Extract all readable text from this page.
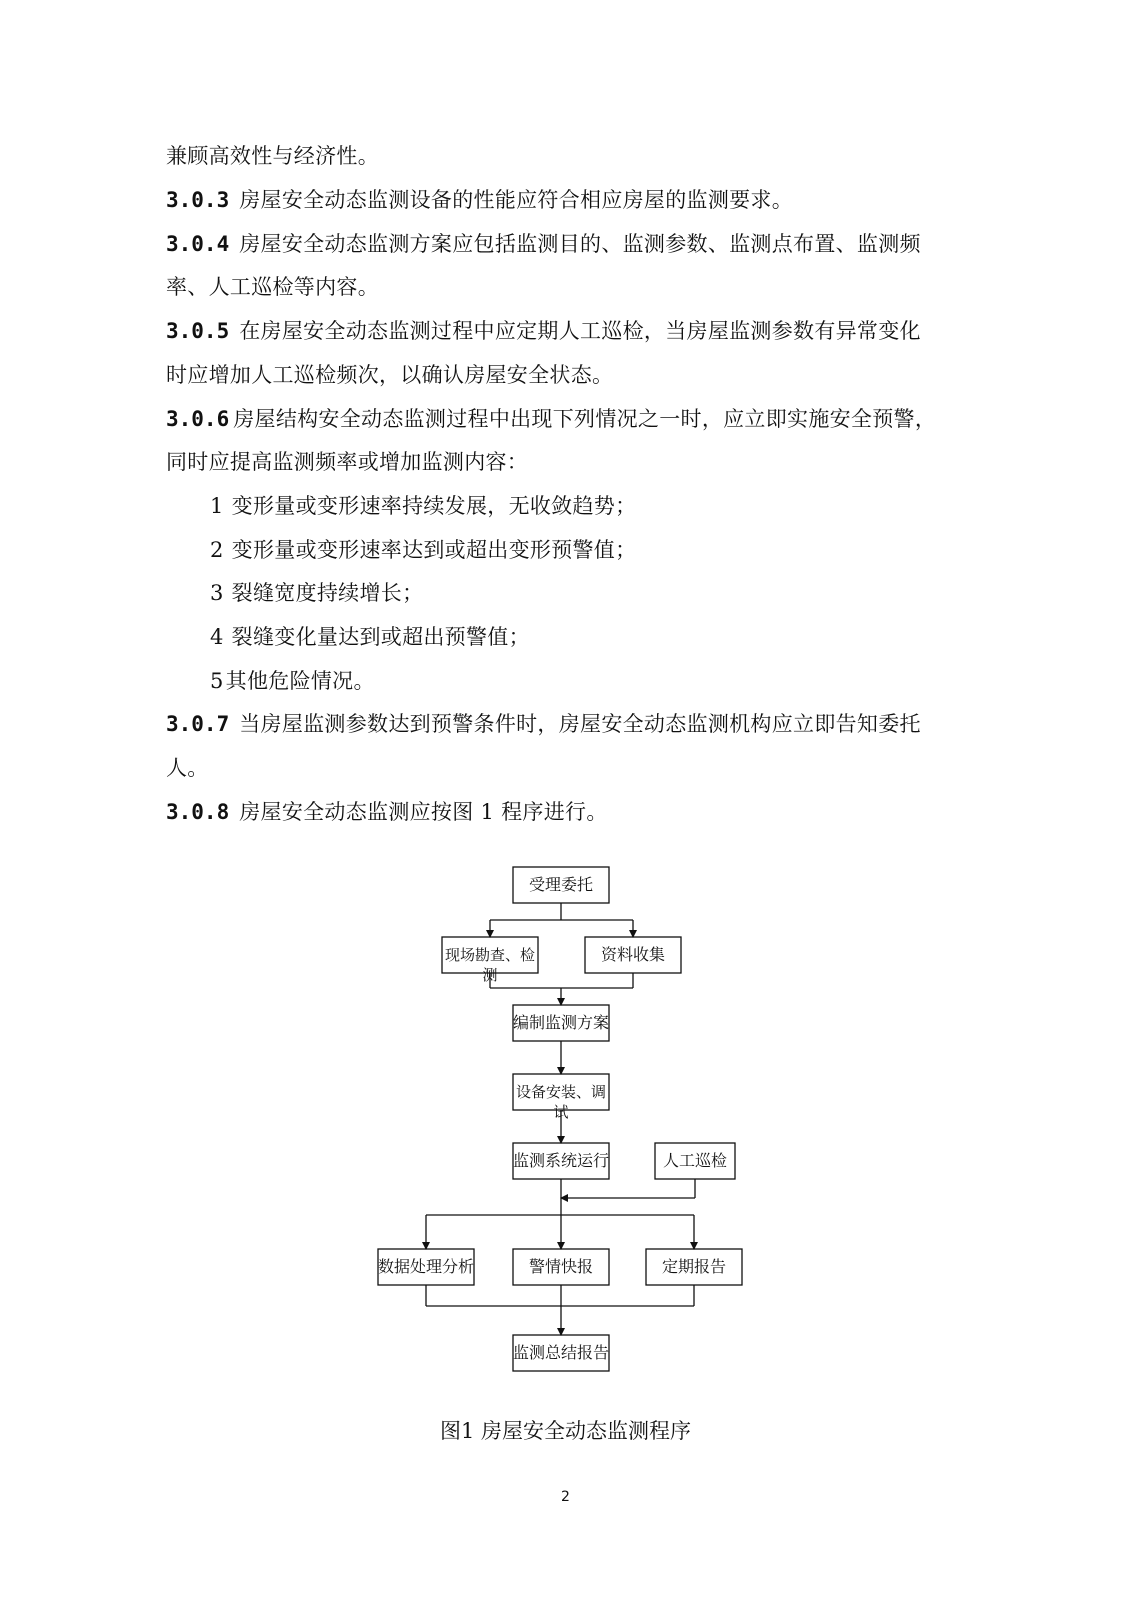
兼顾高效性与经济性。
3.0.3 房屋安全动态监测设备的性能应符合相应房屋的监测要求。
3.0.4 房屋安全动态监测方案应包括监测目的、监测参数、监测点布置、监测频
率、人工巡检等内容。
3.0.5 在房屋安全动态监测过程中应定期人工巡检，当房屋监测参数有异常变化
时应增加人工巡检频次，以确认房屋安全状态。
3.0.6 房屋结构安全动态监测过程中出现下列情况之一时，应立即实施安全预警，
同时应提高监测频率或增加监测内容：
1 变形量或变形速率持续发展，无收敛趋势；
2 变形量或变形速率达到或超出变形预警值；
3 裂缝宽度持续增长；
4 裂缝变化量达到或超出预警值；
5其他危险情况。
3.0.7 当房屋监测参数达到预警条件时，房屋安全动态监测机构应立即告知委托
人。
3.0.8 房屋安全动态监测应按图 1 程序进行。
受理委托
现场勘查、检测
资料收集
编制监测方案
设备安装、调试
监测系统运行	人工巡检
数据处理分析	警情快报	定期报告
监测总结报告
图1 房屋安全动态监测程序
2
